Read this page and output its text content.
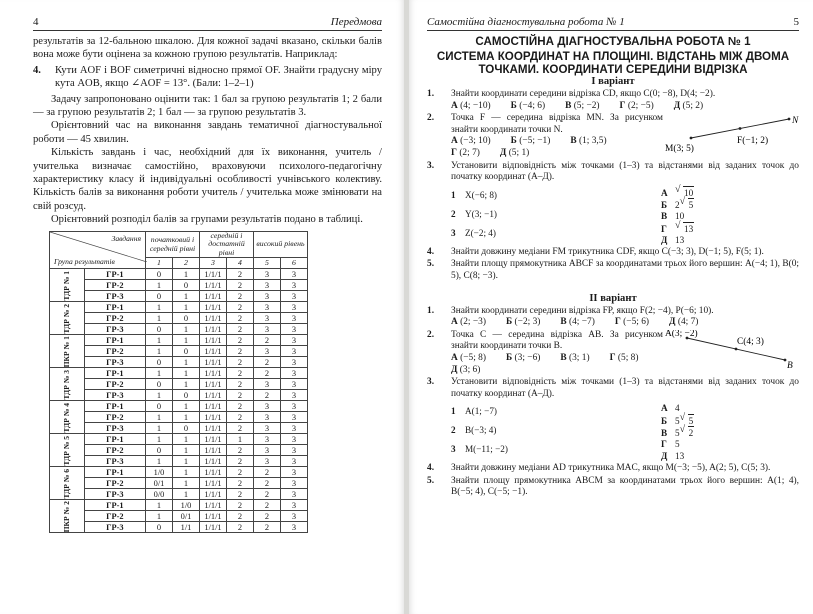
4	Передмова

результатів за 12-бальною шкалою. Для кожної задачі вказано, скільки балів вона може бути оцінена за кожною групою результатів. Наприклад:

4.	Кути AOF і BOF симетричні відносно прямої OF. Знайти градусну міру кута AOB, якщо ∠AOF = 13°. (Бали: 1–2–1)

Задачу запропоновано оцінити так: 1 бал за групою результатів 1; 2 бали — за групою результатів 2; 1 бал — за групою результатів 3.

Орієнтовний час на виконання завдань тематичної діагностувальної роботи — 45 хвилин.

Кількість завдань і час, необхідний для їх виконання, учитель / учителька визначає самостійно, враховуючи психолого-педагогічну характеристику класу й індивідуальні особливості учнівського колективу. Кількість балів за виконання роботи учитель / учителька може змінювати на свій розсуд.

Орієнтовний розподіл балів за групами результатів подано в таблиці.

Завдання
Група результатів		початковий і середній рівні		середній і достатній рівні		високий рівень	
		1	2	3	4	5	6
ТДР № 1	ГР-1	0	1	1/1/1	2	3	3
	ГР-2	1	0	1/1/1	2	3	3
	ГР-3	0	1	1/1/1	2	3	3
ТДР № 2	ГР-1	1	1	1/1/1	2	3	3
	ГР-2	1	0	1/1/1	2	3	3
	ГР-3	0	1	1/1/1	2	3	3
ПКР № 1	ГР-1	1	1	1/1/1	2	2	3
	ГР-2	1	0	1/1/1	2	3	3
	ГР-3	0	1	1/1/1	2	2	3
ТДР № 3	ГР-1	1	1	1/1/1	2	2	3
	ГР-2	0	1	1/1/1	2	3	3
	ГР-3	1	0	1/1/1	2	2	3
ТДР № 4	ГР-1	0	1	1/1/1	2	3	3
	ГР-2	1	1	1/1/1	2	3	3
	ГР-3	1	0	1/1/1	2	3	3
ТДР № 5	ГР-1	1	1	1/1/1	1	3	3
	ГР-2	0	1	1/1/1	2	3	3
	ГР-3	1	1	1/1/1	2	3	3
ТДР № 6	ГР-1	1/0	1	1/1/1	2	2	3
	ГР-2	0/1	1	1/1/1	2	2	3
	ГР-3	0/0	1	1/1/1	2	2	3
ПКР № 2	ГР-1	1	1/0	1/1/1	2	2	3
	ГР-2	1	0/1	1/1/1	2	2	3
	ГР-3	0	1/1	1/1/1	2	2	3
Самостійна діагностувальна робота № 1	5
САМОСТІЙНА ДІАГНОСТУВАЛЬНА РОБОТА № 1
СИСТЕМА КООРДИНАТ НА ПЛОЩИНІ. ВІДСТАНЬ МІЖ ДВОМА ТОЧКАМИ. КООРДИНАТИ СЕРЕДИНИ ВІДРІЗКА
I варіант
1.	Знайти координати середини відрізка CD, якщо C(0; −8), D(4; −2).
А (4; −10)	Б (−4; 6)	В (5; −2)	Г (2; −5)	Д (5; 2)
2.	Точка F — середина відрізка MN. За рисунком знайти координати точки N.
А (−3; 10)	Б (−5; −1)	В (1; 3,5)
Г (2; 7)	Д (5; 1)	M(3; 5)
F(−1; 2)
N
3.	Установити відповідність між точками (1–3) та відстанями від заданих точок до початку координат (А–Д).
1 X(−6; 8)
2 Y(3; −1)
3 Z(−2; 4)
А √ 10
Б 2 √ 5
В 10
Г √ 13
Д 13
4.	Знайти довжину медіани FM трикутника CDF, якщо C(−3; 3), D(−1; 5), F(5; 1).
5.	Знайти площу прямокутника ABCF за координатами трьох його вершин: A(−4; 1), B(0; 5), C(8; −3).
II варіант
1.	Знайти координати середини відрізка FP, якщо F(2; −4), P(−6; 10).
А (2; −3)	Б (−2; 3)	В (4; −7)	Г (−5; 6)	Д (4; 7)
2.	Точка C — середина відрізка AB. За рисунком знайти координати точки B.
А (−5; 8)	Б (3; −6)	В (3; 1)	Г (5; 8)
Д (3; 6)
A(3; −2)
C(4; 3)
B
3.	Установити відповідність між точками (1–3) та відстанями від заданих точок до початку координат (А–Д).
1 A(1; −7)
2 B(−3; 4)
3 M(−11; −2)
А 4
Б 5 √ 5
В 5 √ 2
Г 5
Д 13
4.	Знайти довжину медіани AD трикутника MAC, якщо M(−3; −5), A(2; 5), C(5; 3).
5.	Знайти площу прямокутника ABCM за координатами трьох його вершин: A(1; 4), B(−5; 4), C(−5; −1).
